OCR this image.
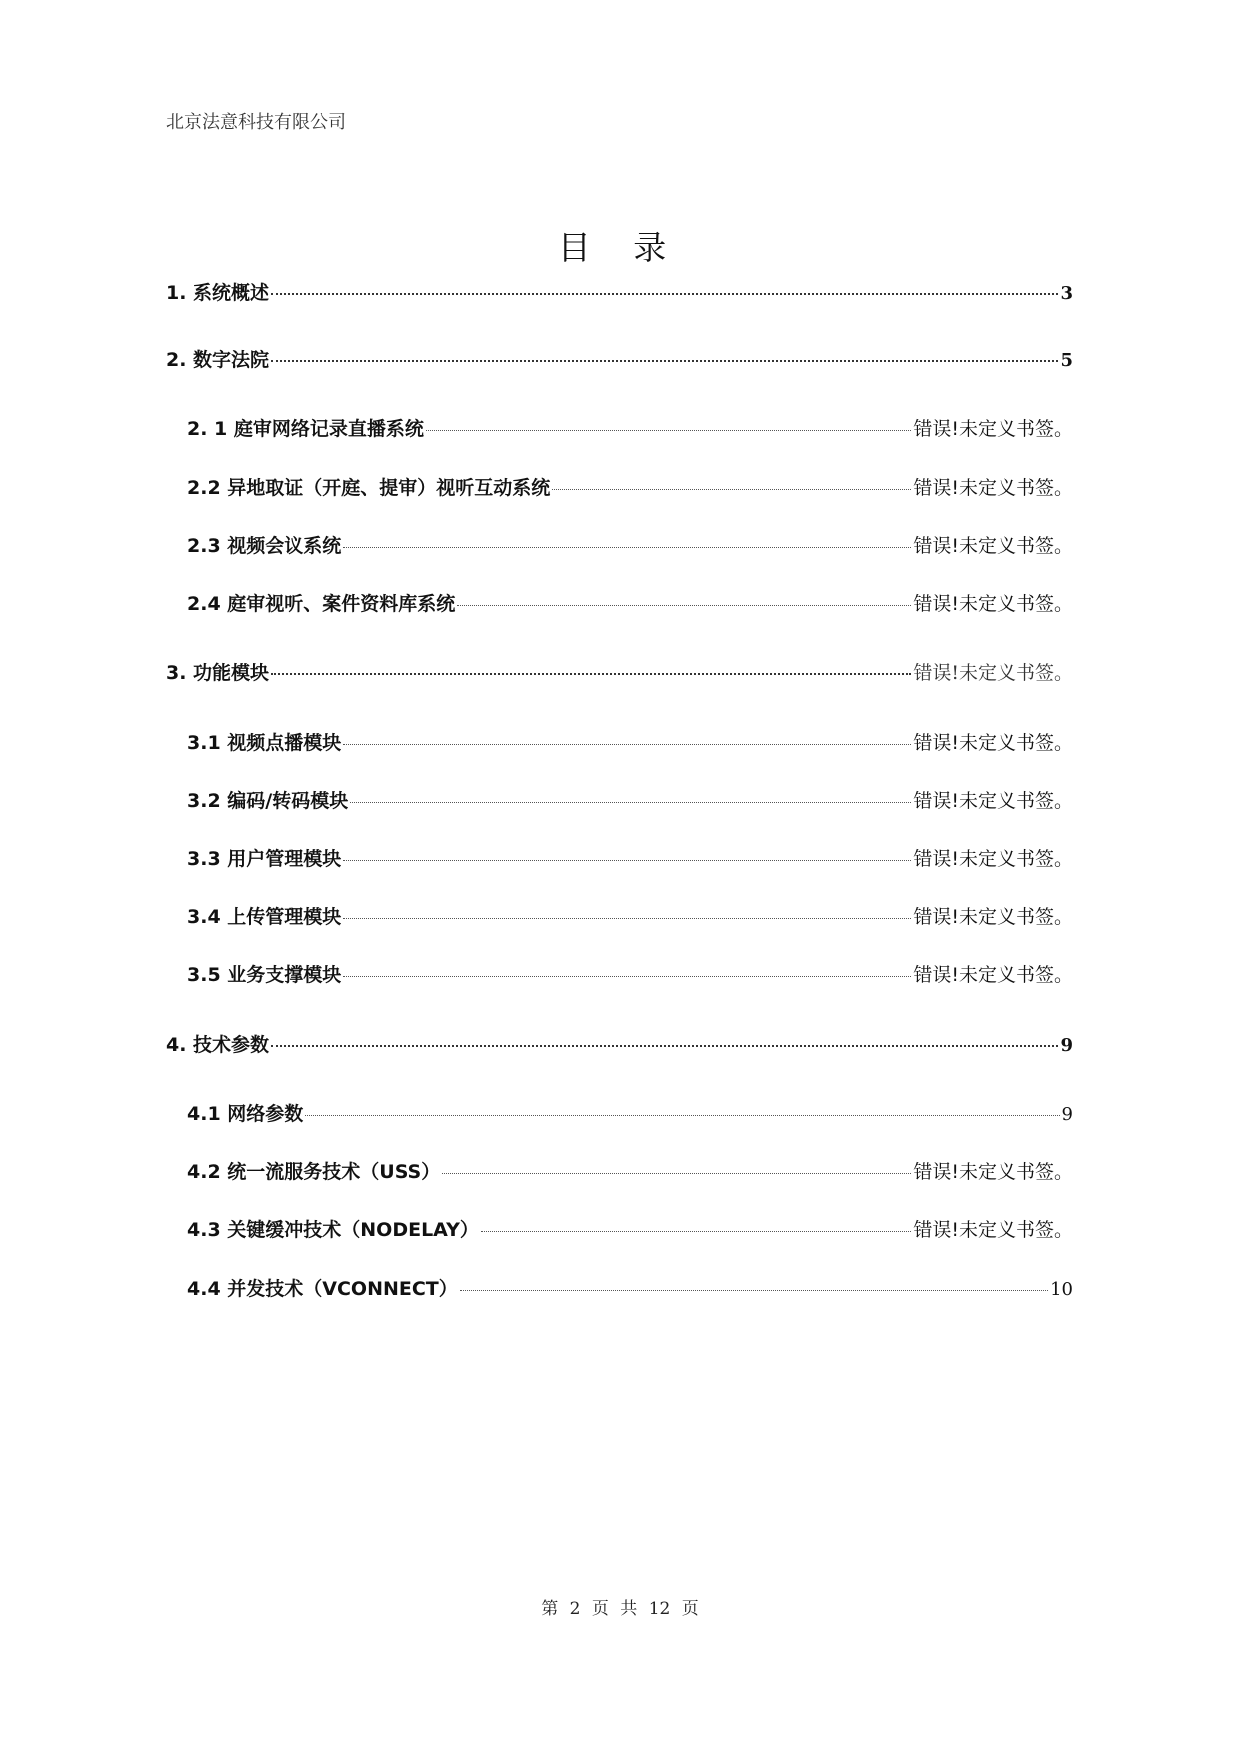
北京法意科技有限公司
目 录
1. 系统概述	3
2. 数字法院	5
2. 1 庭审网络记录直播系统	错误!未定义书签。
2.2 异地取证（开庭、提审）视听互动系统	错误!未定义书签。
2.3 视频会议系统	错误!未定义书签。
2.4 庭审视听、案件资料库系统	错误!未定义书签。
3. 功能模块	错误!未定义书签。
3.1 视频点播模块	错误!未定义书签。
3.2 编码/转码模块	错误!未定义书签。
3.3 用户管理模块	错误!未定义书签。
3.4 上传管理模块	错误!未定义书签。
3.5 业务支撑模块	错误!未定义书签。
4. 技术参数	9
4.1 网络参数	9
4.2 统一流服务技术（USS）	错误!未定义书签。
4.3 关键缓冲技术（NODELAY）	错误!未定义书签。
4.4 并发技术（VCONNECT）	10
第 2 页 共 12 页
